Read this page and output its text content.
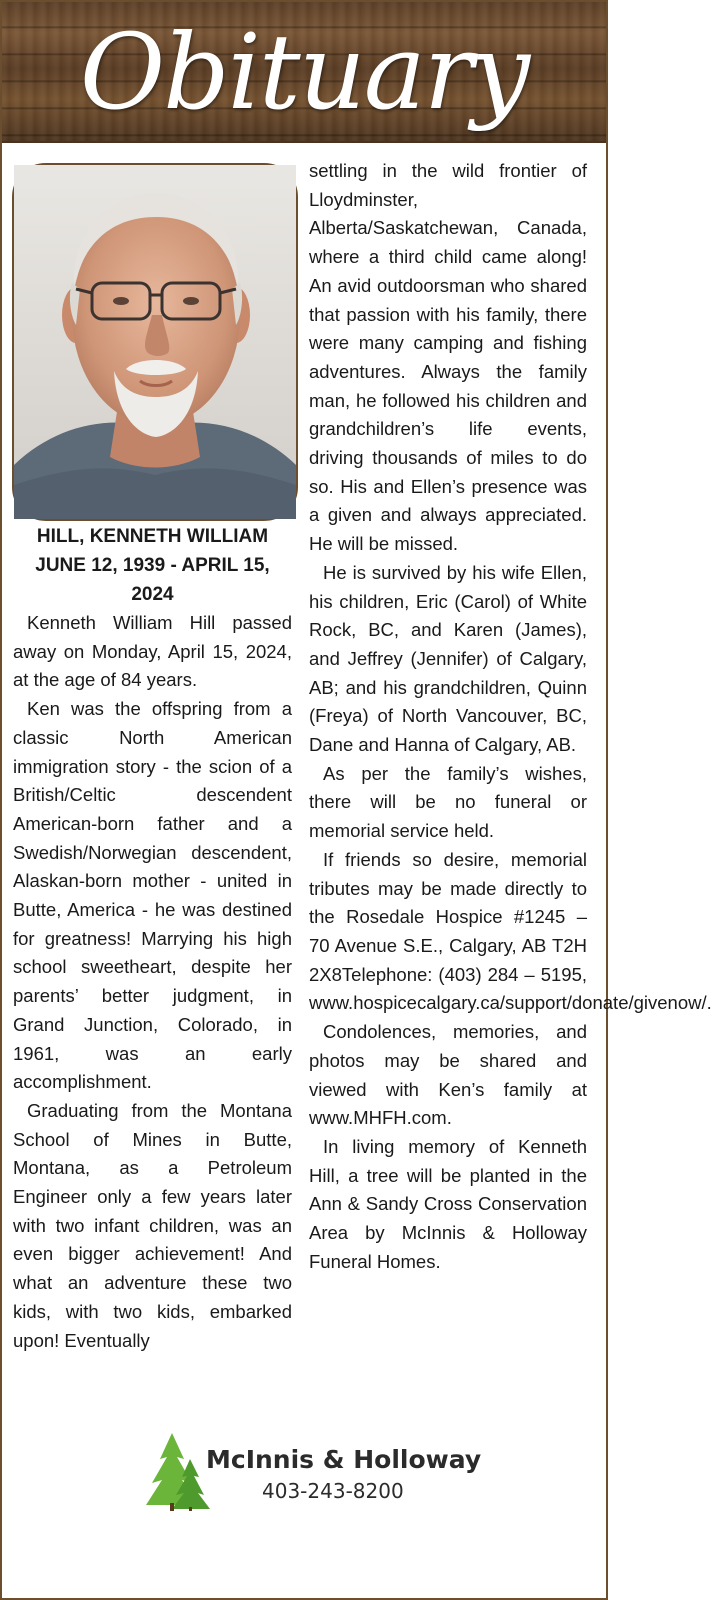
Obituary

HILL, KENNETH WILLIAM

JUNE 12, 1939 - APRIL 15, 2024

Kenneth William Hill passed away on Monday, April 15, 2024, at the age of 84 years.

Ken was the offspring from a classic North American immigration story - the scion of a British/Celtic descendent American-born father and a Swedish/Norwegian descendent, Alaskan-born mother - united in Butte, America - he was destined for greatness! Marrying his high school sweetheart, despite her parents’ better judgment, in Grand Junction, Colorado, in 1961, was an early accomplishment.

Graduating from the Montana School of Mines in Butte, Montana, as a Petroleum Engineer only a few years later with two infant children, was an even bigger achievement! And what an adventure these two kids, with two kids, embarked upon! Eventually

settling in the wild frontier of Lloydminster, Alberta/Saskatchewan, Canada, where a third child came along! An avid outdoorsman who shared that passion with his family, there were many camping and fishing adventures. Always the family man, he followed his children and grandchildren’s life events, driving thousands of miles to do so. His and Ellen’s presence was a given and always appreciated. He will be missed.

He is survived by his wife Ellen, his children, Eric (Carol) of White Rock, BC, and Karen (James), and Jeffrey (Jennifer) of Calgary, AB; and his grandchildren, Quinn (Freya) of North Vancouver, BC, Dane and Hanna of Calgary, AB.

As per the family’s wishes, there will be no funeral or memorial service held.

If friends so desire, memorial tributes may be made directly to the Rosedale Hospice #1245 – 70 Avenue S.E., Calgary, AB T2H 2X8Telephone: (403) 284 – 5195, www.hospicecalgary.ca/support/donate/givenow/.

Condolences, memories, and photos may be shared and viewed with Ken’s family at www.MHFH.com.

In living memory of Kenneth Hill, a tree will be planted in the Ann & Sandy Cross Conservation Area by McInnis & Holloway Funeral Homes.

McInnis & Holloway
403-243-8200
